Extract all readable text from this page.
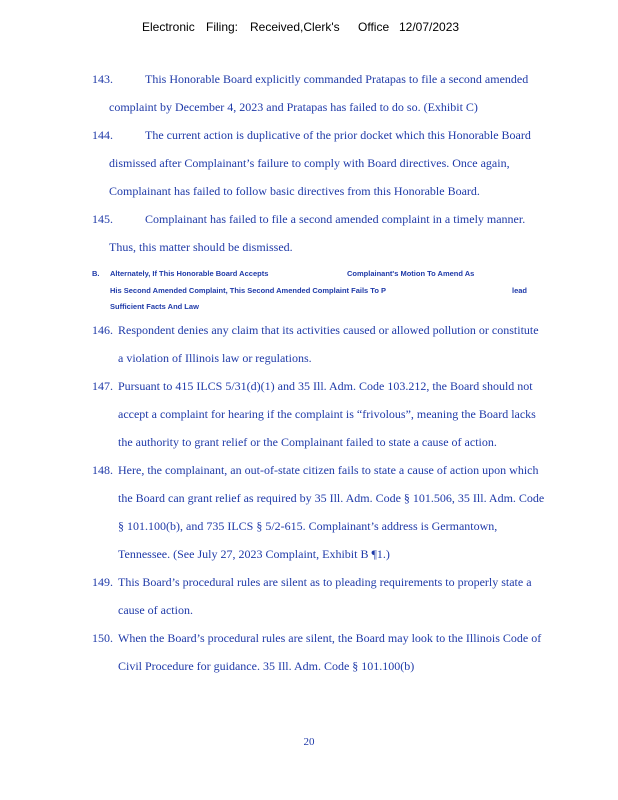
Electronic Filing: Received,Clerk's Office 12/07/2023
143.	This Honorable Board explicitly commanded Pratapas to file a second amended
complaint by December 4, 2023 and Pratapas has failed to do so. (Exhibit C)
144.	The current action is duplicative of the prior docket which this Honorable Board
dismissed after Complainant’s failure to comply with Board directives. Once again,
Complainant has failed to follow basic directives from this Honorable Board.
145.	Complainant has failed to file a second amended complaint in a timely manner.
Thus, this matter should be dismissed.
B. Alternately, If This Honorable Board Accepts	Complainant's Motion To Amend As
His Second Amended Complaint, This Second Amended Complaint Fails To P	lead
Sufficient Facts And Law
146. Respondent denies any claim that its activities caused or allowed pollution or constitute
a violation of Illinois law or regulations.
147. Pursuant to 415 ILCS 5/31(d)(1) and 35 Ill. Adm. Code 103.212, the Board should not
accept a complaint for hearing if the complaint is “frivolous”, meaning the Board lacks
the authority to grant relief or the Complainant failed to state a cause of action.
148. Here, the complainant, an out-of-state citizen fails to state a cause of action upon which
the Board can grant relief as required by 35 Ill. Adm. Code § 101.506, 35 Ill. Adm. Code
§ 101.100(b), and 735 ILCS § 5/2-615. Complainant’s address is Germantown,
Tennessee. (See July 27, 2023 Complaint, Exhibit B ¶1.)
149. This Board’s procedural rules are silent as to pleading requirements to properly state a
cause of action.
150. When the Board’s procedural rules are silent, the Board may look to the Illinois Code of
Civil Procedure for guidance. 35 Ill. Adm. Code § 101.100(b)
20
